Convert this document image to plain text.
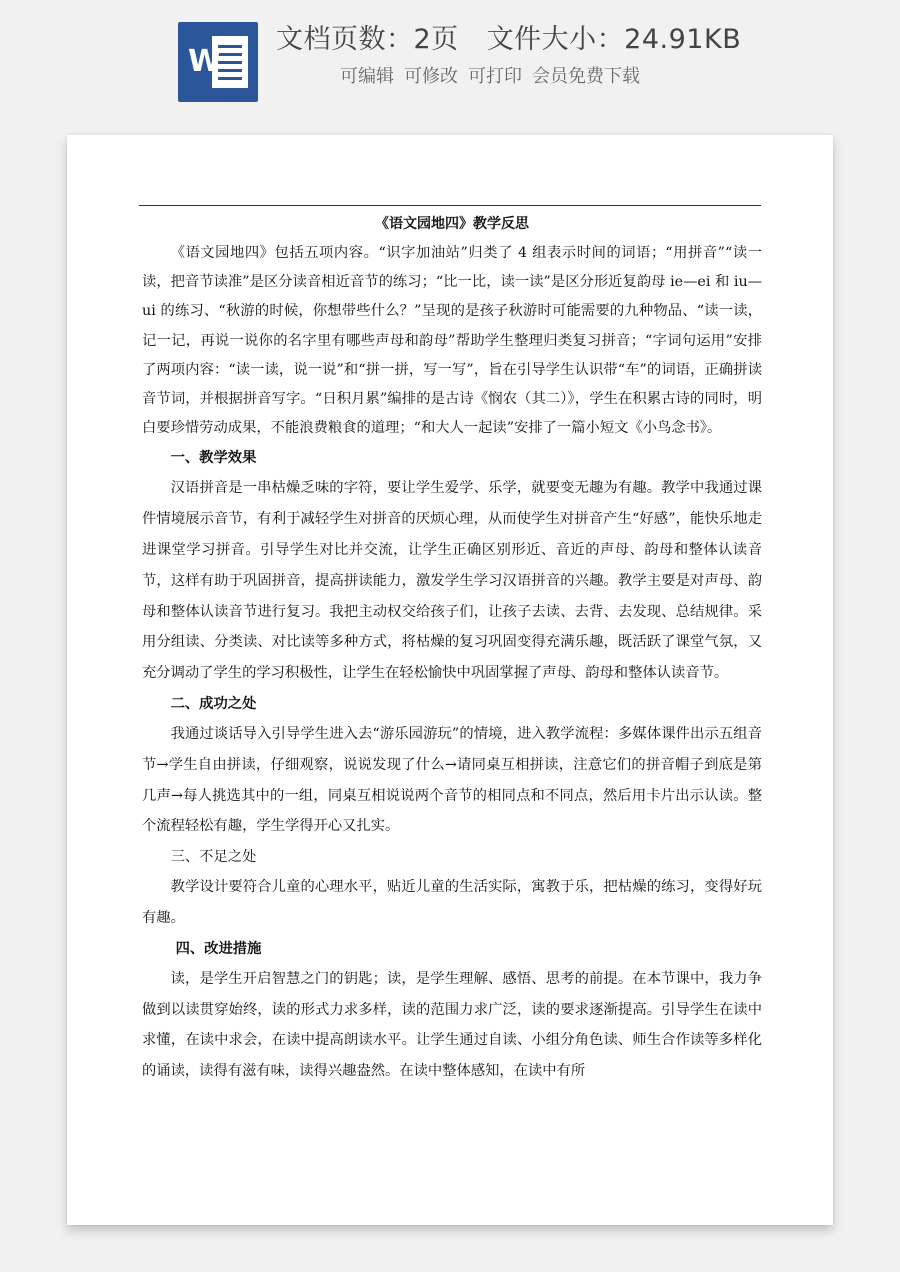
W
文档页数：2页 文件大小：24.91KB
可编辑 可修改 可打印 会员免费下载

《语文园地四》教学反思

《语文园地四》包括五项内容。“识字加油站”归类了 4 组表示时间的词语；“用拼音”“读一读，把音节读准”是区分读音相近音节的练习；“比一比，读一读”是区分形近复韵母 ie—ei 和 iu—ui 的练习、“秋游的时候，你想带些什么？”呈现的是孩子秋游时可能需要的九种物品、“读一读，记一记，再说一说你的名字里有哪些声母和韵母”帮助学生整理归类复习拼音；“字词句运用”安排了两项内容：“读一读，说一说”和“拼一拼，写一写”，旨在引导学生认识带“车”的词语，正确拼读音节词，并根据拼音写字。“日积月累”编排的是古诗《悯农（其二）》，学生在积累古诗的同时，明白要珍惜劳动成果，不能浪费粮食的道理；“和大人一起读”安排了一篇小短文《小鸟念书》。

一、教学效果

汉语拼音是一串枯燥乏味的字符，要让学生爱学、乐学，就要变无趣为有趣。教学中我通过课件情境展示音节，有利于减轻学生对拼音的厌烦心理，从而使学生对拼音产生“好感”，能快乐地走进课堂学习拼音。引导学生对比并交流，让学生正确区别形近、音近的声母、韵母和整体认读音节，这样有助于巩固拼音，提高拼读能力，激发学生学习汉语拼音的兴趣。教学主要是对声母、韵母和整体认读音节进行复习。我把主动权交给孩子们，让孩子去读、去背、去发现、总结规律。采用分组读、分类读、对比读等多种方式，将枯燥的复习巩固变得充满乐趣，既活跃了课堂气氛，又充分调动了学生的学习积极性，让学生在轻松愉快中巩固掌握了声母、韵母和整体认读音节。

二、成功之处

我通过谈话导入引导学生进入去“游乐园游玩”的情境，进入教学流程：多媒体课件出示五组音节→学生自由拼读，仔细观察，说说发现了什么→请同桌互相拼读，注意它们的拼音帽子到底是第几声→每人挑选其中的一组，同桌互相说说两个音节的相同点和不同点，然后用卡片出示认读。整个流程轻松有趣，学生学得开心又扎实。

三、不足之处

教学设计要符合儿童的心理水平，贴近儿童的生活实际，寓教于乐，把枯燥的练习，变得好玩有趣。

四、改进措施

读，是学生开启智慧之门的钥匙；读，是学生理解、感悟、思考的前提。在本节课中，我力争做到以读贯穿始终，读的形式力求多样，读的范围力求广泛，读的要求逐渐提高。引导学生在读中求懂，在读中求会，在读中提高朗读水平。让学生通过自读、小组分角色读、师生合作读等多样化的诵读，读得有滋有味，读得兴趣盎然。在读中整体感知，在读中有所
